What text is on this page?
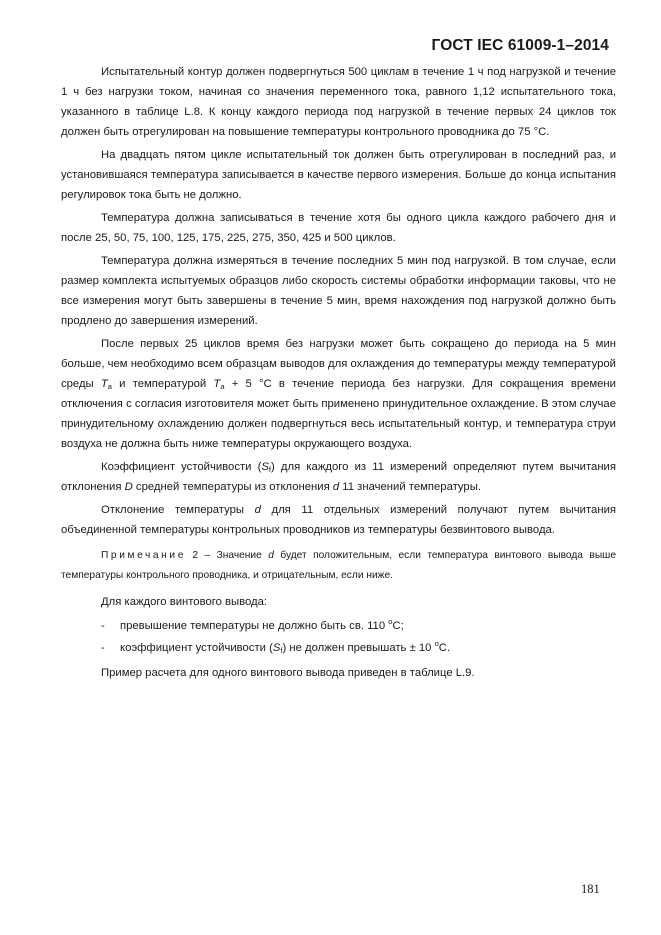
ГОСТ IEC 61009-1–2014

Испытательный контур должен подвергнуться 500 циклам в течение 1 ч под нагрузкой и течение 1 ч без нагрузки током, начиная со значения переменного тока, равного 1,12 испытательного тока, указанного в таблице L.8. К концу каждого периода под нагрузкой в течение первых 24 циклов ток должен быть отрегулирован на повышение температуры контрольного проводника до 75 °C.

На двадцать пятом цикле испытательный ток должен быть отрегулирован в последний раз, и установившаяся температура записывается в качестве первого измерения. Больше до конца испытания регулировок тока быть не должно.

Температура должна записываться в течение хотя бы одного цикла каждого рабочего дня и после 25, 50, 75, 100, 125, 175, 225, 275, 350, 425 и 500 циклов.

Температура должна измеряться в течение последних 5 мин под нагрузкой. В том случае, если размер комплекта испытуемых образцов либо скорость системы обработки информации таковы, что не все измерения могут быть завершены в течение 5 мин, время нахождения под нагрузкой должно быть продлено до завершения измерений.

После первых 25 циклов время без нагрузки может быть сокращено до периода на 5 мин больше, чем необходимо всем образцам выводов для охлаждения до температуры между температурой среды $T_a$ и температурой $T_a + 5$ °C в течение периода без нагрузки. Для сокращения времени отключения с согласия изготовителя может быть применено принудительное охлаждение. В этом случае принудительному охлаждению должен подвергнуться весь испытательный контур, и температура струи воздуха не должна быть ниже температуры окружающего воздуха.

Коэффициент устойчивости $(S_f)$ для каждого из 11 измерений определяют путем вычитания отклонения D средней температуры из отклонения d 11 значений температуры.

Отклонение температуры d для 11 отдельных измерений получают путем вычитания объединенной температуры контрольных проводников из температуры безвинтового вывода.

Примечание 2 – Значение d будет положительным, если температура винтового вывода выше температуры контрольного проводника, и отрицательным, если ниже.

Для каждого винтового вывода:

- превышение температуры не должно быть св. 110 $^о$С;
- коэффициент устойчивости $(S_f)$ не должен превышать ± 10 $^о$С.

Пример расчета для одного винтового вывода приведен в таблице L.9.

181
